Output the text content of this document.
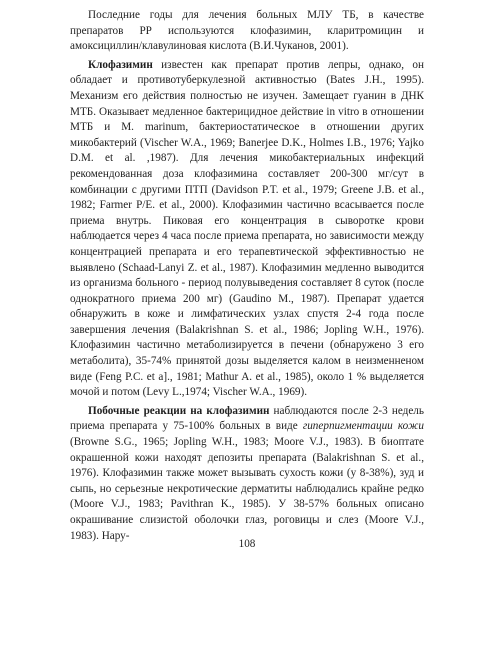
Последние годы для лечения больных МЛУ ТБ, в качестве препаратов РР используются клофазимин, кларитромицин и амоксициллин/клавулиновая кислота (В.И.Чуканов, 2001).

Клофазимин известен как препарат против лепры, однако, он обладает и противотуберкулезной активностью (Bates J.H., 1995). Механизм его действия полностью не изучен. Замещает гуанин в ДНК МТБ. Оказывает медленное бактерицидное действие in vitro в отношении МТБ и M. marinum, бактериостатическое в отношении других микобактерий (Vischer W.A., 1969; Banerjee D.K., Holmes I.B., 1976; Yajko D.M. et al. ,1987). Для лечения микобактериальных инфекций рекомендованная доза клофазимина составляет 200-300 мг/сут в комбинации с другими ПТП (Davidson P.T. et al., 1979; Greene J.B. et al., 1982; Farmer P/E. et al., 2000). Клофазимин частично всасывается после приема внутрь. Пиковая его концентрация в сыворотке крови наблюдается через 4 часа после приема препарата, но зависимости между концентрацией препарата и его терапевтической эффективностью не выявлено (Schaad-Lanyi Z. et al., 1987). Клофазимин медленно выводится из организма больного - период полувыведения составляет 8 суток (после однократного приема 200 мг) (Gaudino M., 1987). Препарат удается обнаружить в коже и лимфатических узлах спустя 2-4 года после завершения лечения (Balakrishnan S. et al., 1986; Jopling W.H., 1976). Клофазимин частично метаболизируется в печени (обнаружено 3 его метаболита), 35-74% принятой дозы выделяется калом в неизменненом виде (Feng P.C. et а]., 1981; Mathur A. et al., 1985), около 1 % выделяется мочой и потом (Levy L.,1974; Vischer W.A., 1969).

Побочные реакции на клофазимин наблюдаются после 2-3 недель приема препарата у 75-100% больных в виде гиперпигментации кожи (Browne S.G., 1965; Jopling W.H., 1983; Moore V.J., 1983). В биоптате окрашенной кожи находят депозиты препарата (Balakrishnan S. et al., 1976). Клофазимин также может вызывать сухость кожи (у 8-38%), зуд и сыпь, но серьезные некротические дерматиты наблюдались крайне редко (Moore V.J., 1983; Pavithran K., 1985). У 38-57% больных описано окрашивание слизистой оболочки глаз, роговицы и слез (Moore V.J., 1983). Нару-

108
